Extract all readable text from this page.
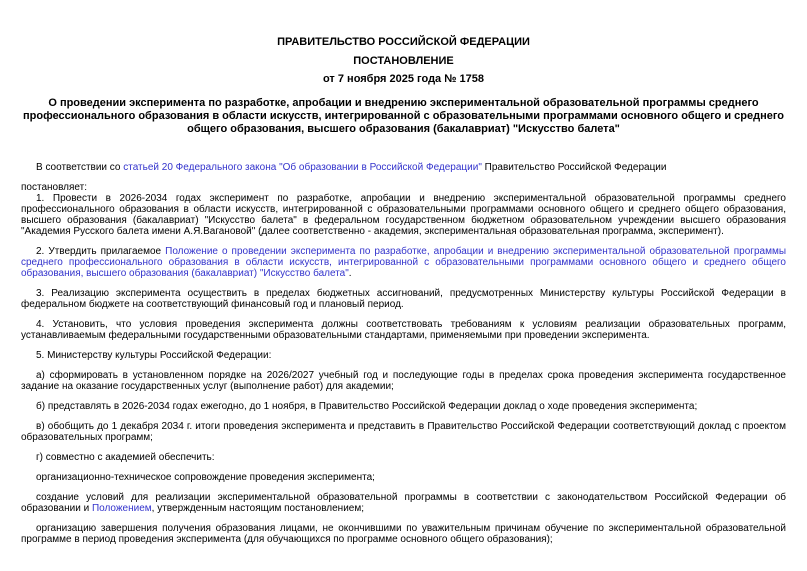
ПРАВИТЕЛЬСТВО РОССИЙСКОЙ ФЕДЕРАЦИИ
ПОСТАНОВЛЕНИЕ
от 7 ноября 2025 года № 1758
О проведении эксперимента по разработке, апробации и внедрению экспериментальной образовательной программы среднего профессионального образования в области искусств, интегрированной с образовательными программами основного общего и среднего общего образования, высшего образования (бакалавриат) "Искусство балета"

В соответствии со статьей 20 Федерального закона "Об образовании в Российской Федерации" Правительство Российской Федерации

постановляет:

1. Провести в 2026-2034 годах эксперимент по разработке, апробации и внедрению экспериментальной образовательной программы среднего профессионального образования в области искусств, интегрированной с образовательными программами основного общего и среднего общего образования, высшего образования (бакалавриат) "Искусство балета" в федеральном государственном бюджетном образовательном учреждении высшего образования "Академия Русского балета имени А.Я.Вагановой" (далее соответственно - академия, экспериментальная образовательная программа, эксперимент).

2. Утвердить прилагаемое Положение о проведении эксперимента по разработке, апробации и внедрению экспериментальной образовательной программы среднего профессионального образования в области искусств, интегрированной с образовательными программами основного общего и среднего общего образования, высшего образования (бакалавриат) "Искусство балета".

3. Реализацию эксперимента осуществить в пределах бюджетных ассигнований, предусмотренных Министерству культуры Российской Федерации в федеральном бюджете на соответствующий финансовый год и плановый период.

4. Установить, что условия проведения эксперимента должны соответствовать требованиям к условиям реализации образовательных программ, устанавливаемым федеральными государственными образовательными стандартами, применяемыми при проведении эксперимента.

5. Министерству культуры Российской Федерации:

а) сформировать в установленном порядке на 2026/2027 учебный год и последующие годы в пределах срока проведения эксперимента государственное задание на оказание государственных услуг (выполнение работ) для академии;

б) представлять в 2026-2034 годах ежегодно, до 1 ноября, в Правительство Российской Федерации доклад о ходе проведения эксперимента;

в) обобщить до 1 декабря 2034 г. итоги проведения эксперимента и представить в Правительство Российской Федерации соответствующий доклад с проектом образовательных программ;

г) совместно с академией обеспечить:

организационно-техническое сопровождение проведения эксперимента;

создание условий для реализации экспериментальной образовательной программы в соответствии с законодательством Российской Федерации об образовании и Положением, утвержденным настоящим постановлением;

организацию завершения получения образования лицами, не окончившими по уважительным причинам обучение по экспериментальной образовательной программе в период проведения эксперимента (для обучающихся по программе основного общего образования);
